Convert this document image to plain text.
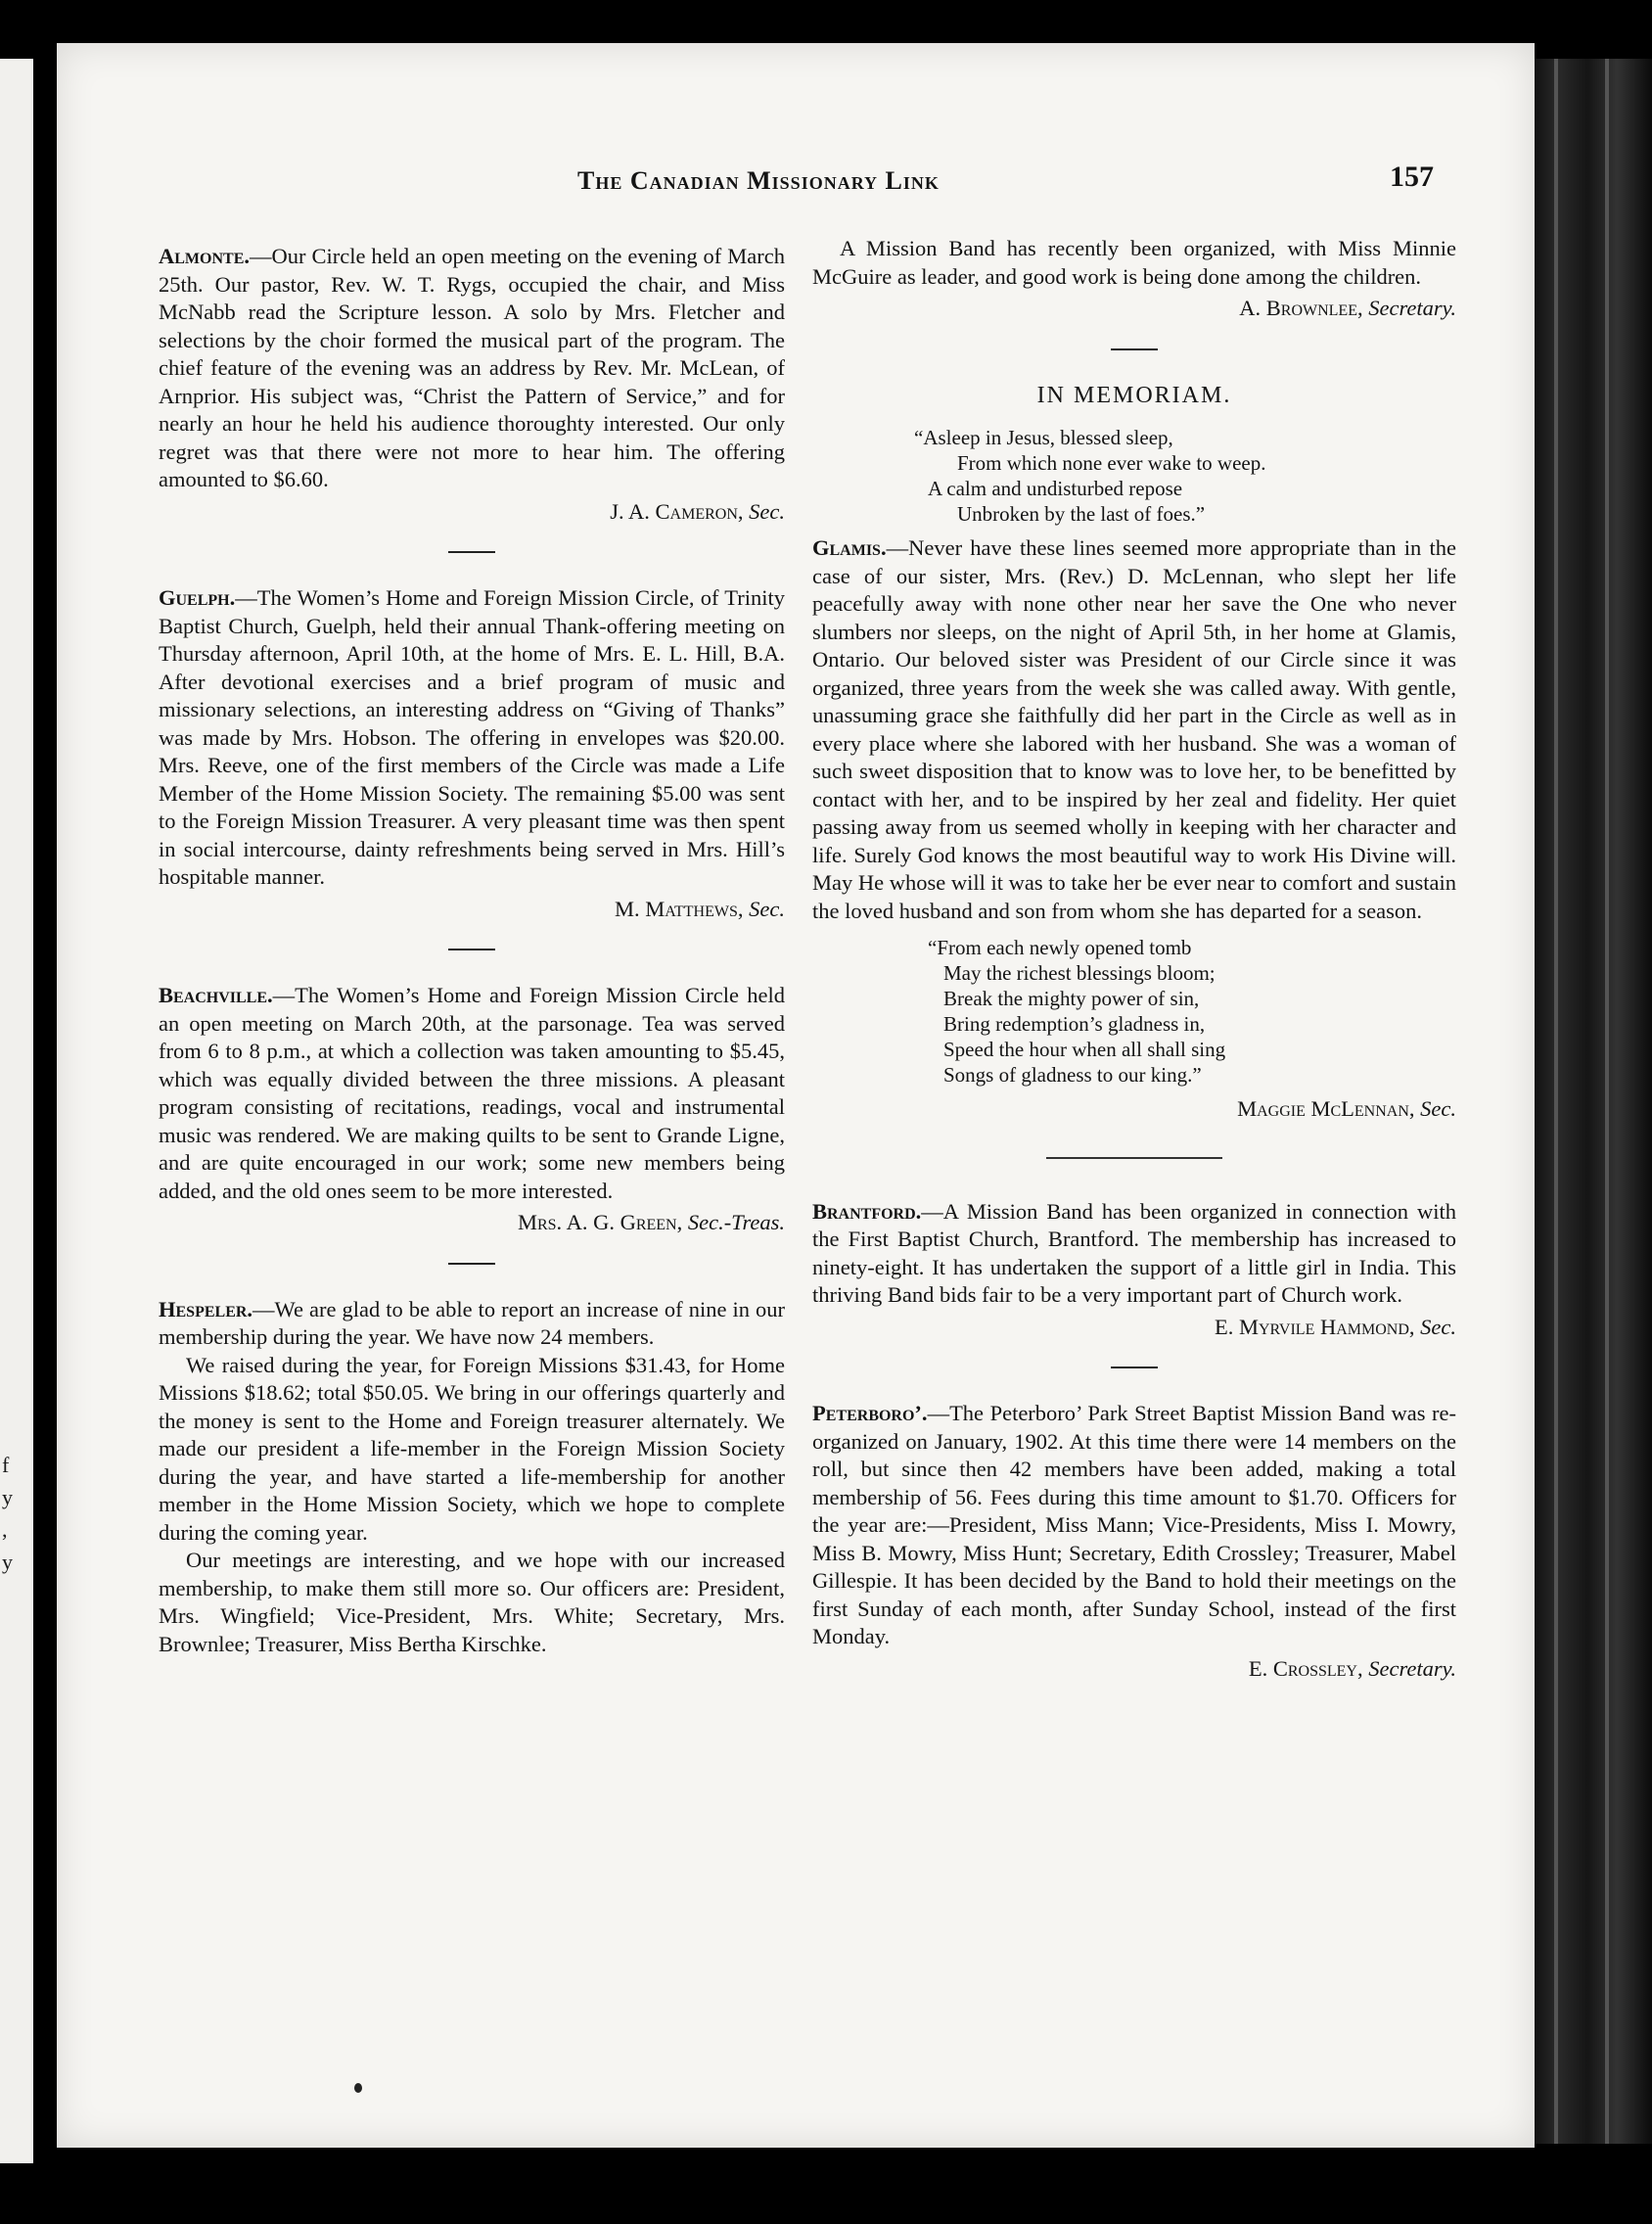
f
y
,
y
The Canadian Missionary Link	157

Almonte.—Our Circle held an open meeting on the evening of March 25th. Our pastor, Rev. W. T. Rygs, occupied the chair, and Miss McNabb read the Scripture lesson. A solo by Mrs. Fletcher and selections by the choir formed the musical part of the program. The chief feature of the evening was an address by Rev. Mr. McLean, of Arnprior. His subject was, “Christ the Pattern of Service,” and for nearly an hour he held his audience thoroughty interested. Our only regret was that there were not more to hear him. The offering amounted to $6.60.

J. A. Cameron, Sec.

Guelph.—The Women’s Home and Foreign Mission Circle, of Trinity Baptist Church, Guelph, held their annual Thank-offering meeting on Thursday afternoon, April 10th, at the home of Mrs. E. L. Hill, B.A. After devotional exercises and a brief program of music and missionary selections, an interesting address on “Giving of Thanks” was made by Mrs. Hobson. The offering in envelopes was $20.00. Mrs. Reeve, one of the first members of the Circle was made a Life Member of the Home Mission Society. The remaining $5.00 was sent to the Foreign Mission Treasurer. A very pleasant time was then spent in social intercourse, dainty refreshments being served in Mrs. Hill’s hospitable manner.

M. Matthews, Sec.

Beachville.—The Women’s Home and Foreign Mission Circle held an open meeting on March 20th, at the parsonage. Tea was served from 6 to 8 p.m., at which a collection was taken amounting to $5.45, which was equally divided between the three missions. A pleasant program consisting of recitations, readings, vocal and instrumental music was rendered. We are making quilts to be sent to Grande Ligne, and are quite encouraged in our work; some new members being added, and the old ones seem to be more interested.

Mrs. A. G. Green, Sec.-Treas.

Hespeler.—We are glad to be able to report an increase of nine in our membership during the year. We have now 24 members.

We raised during the year, for Foreign Missions $31.43, for Home Missions $18.62; total $50.05. We bring in our offerings quarterly and the money is sent to the Home and Foreign treasurer alternately. We made our president a life-member in the Foreign Mission Society during the year, and have started a life-membership for another member in the Home Mission Society, which we hope to complete during the coming year.

Our meetings are interesting, and we hope with our increased membership, to make them still more so. Our officers are: President, Mrs. Wingfield; Vice-President, Mrs. White; Secretary, Mrs. Brownlee; Treasurer, Miss Bertha Kirschke.

A Mission Band has recently been organized, with Miss Minnie McGuire as leader, and good work is being done among the children.

A. Brownlee, Secretary.
IN MEMORIAM.
“Asleep in Jesus, blessed sleep,
From which none ever wake to weep.
A calm and undisturbed repose
Unbroken by the last of foes.”

Glamis.—Never have these lines seemed more appropriate than in the case of our sister, Mrs. (Rev.) D. McLennan, who slept her life peacefully away with none other near her save the One who never slumbers nor sleeps, on the night of April 5th, in her home at Glamis, Ontario. Our beloved sister was President of our Circle since it was organized, three years from the week she was called away. With gentle, unassuming grace she faithfully did her part in the Circle as well as in every place where she labored with her husband. She was a woman of such sweet disposition that to know was to love her, to be benefitted by contact with her, and to be inspired by her zeal and fidelity. Her quiet passing away from us seemed wholly in keeping with her character and life. Surely God knows the most beautiful way to work His Divine will. May He whose will it was to take her be ever near to comfort and sustain the loved husband and son from whom she has departed for a season.

“From each newly opened tomb
May the richest blessings bloom;
Break the mighty power of sin,
Bring redemption’s gladness in,
Speed the hour when all shall sing
Songs of gladness to our king.”
Maggie McLennan, Sec.

Brantford.—A Mission Band has been organized in connection with the First Baptist Church, Brantford. The membership has increased to ninety-eight. It has undertaken the support of a little girl in India. This thriving Band bids fair to be a very important part of Church work.

E. Myrvile Hammond, Sec.

Peterboro’.—The Peterboro’ Park Street Baptist Mission Band was re-organized on January, 1902. At this time there were 14 members on the roll, but since then 42 members have been added, making a total membership of 56. Fees during this time amount to $1.70. Officers for the year are:—President, Miss Mann; Vice-Presidents, Miss I. Mowry, Miss B. Mowry, Miss Hunt; Secretary, Edith Crossley; Treasurer, Mabel Gillespie. It has been decided by the Band to hold their meetings on the first Sunday of each month, after Sunday School, instead of the first Monday.

E. Crossley, Secretary.
